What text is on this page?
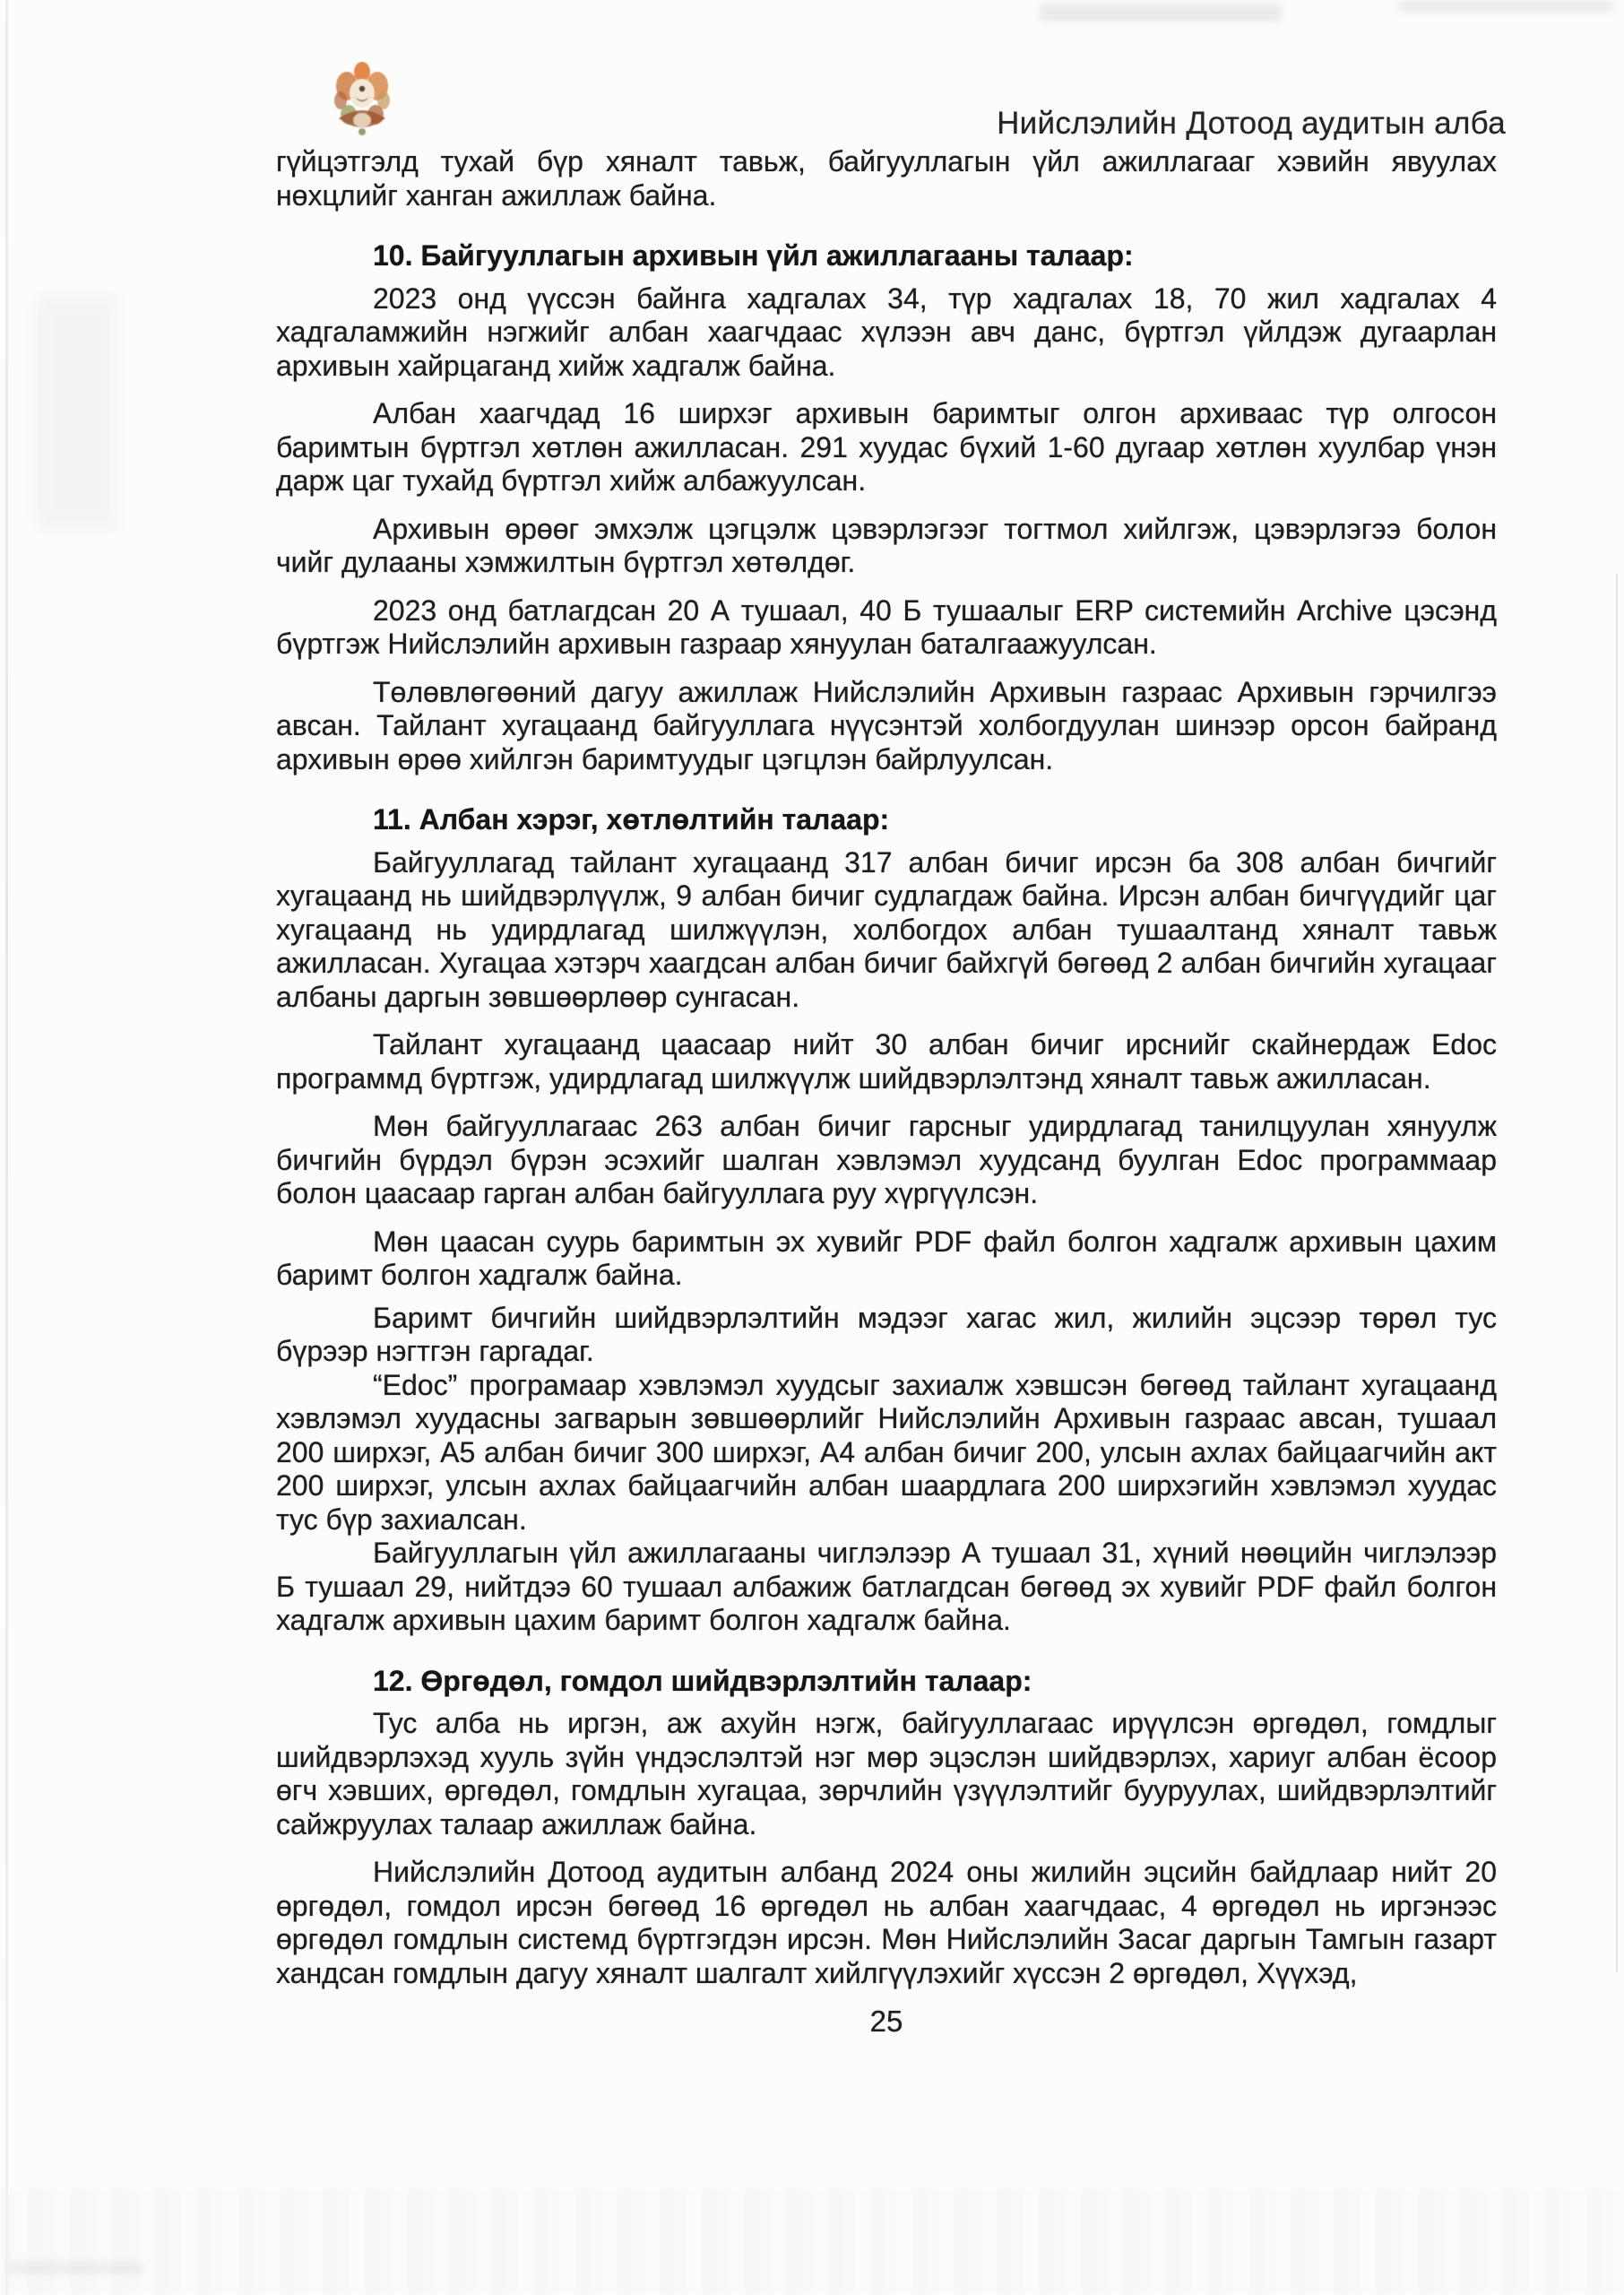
Нийслэлийн Дотоод аудитын алба

гүйцэтгэлд тухай бүр хяналт тавьж, байгууллагын үйл ажиллагааг хэвийн явуулах нөхцлийг ханган ажиллаж байна.

10. Байгууллагын архивын үйл ажиллагааны талаар:

2023 онд үүссэн байнга хадгалах 34, түр хадгалах 18, 70 жил хадгалах 4 хадгаламжийн нэгжийг албан хаагчдаас хүлээн авч данс, бүртгэл үйлдэж дугаарлан архивын хайрцаганд хийж хадгалж байна.

Албан хаагчдад 16 ширхэг архивын баримтыг олгон архиваас түр олгосон баримтын бүртгэл хөтлөн ажилласан. 291 хуудас бүхий 1-60 дугаар хөтлөн хуулбар үнэн дарж цаг тухайд бүртгэл хийж албажуулсан.

Архивын өрөөг эмхэлж цэгцэлж цэвэрлэгээг тогтмол хийлгэж, цэвэрлэгээ болон чийг дулааны хэмжилтын бүртгэл хөтөлдөг.

2023 онд батлагдсан 20 А тушаал, 40 Б тушаалыг ERP системийн Archive цэсэнд бүртгэж Нийслэлийн архивын газраар хянуулан баталгаажуулсан.

Төлөвлөгөөний дагуу ажиллаж Нийслэлийн Архивын газраас Архивын гэрчилгээ авсан. Тайлант хугацаанд байгууллага нүүсэнтэй холбогдуулан шинээр орсон байранд архивын өрөө хийлгэн баримтуудыг цэгцлэн байрлуулсан.

11. Албан хэрэг, хөтлөлтийн талаар:

Байгууллагад тайлант хугацаанд 317 албан бичиг ирсэн ба 308 албан бичгийг хугацаанд нь шийдвэрлүүлж, 9 албан бичиг судлагдаж байна. Ирсэн албан бичгүүдийг цаг хугацаанд нь удирдлагад шилжүүлэн, холбогдох албан тушаалтанд хяналт тавьж ажилласан. Хугацаа хэтэрч хаагдсан албан бичиг байхгүй бөгөөд 2 албан бичгийн хугацааг албаны даргын зөвшөөрлөөр сунгасан.

Тайлант хугацаанд цаасаар нийт 30 албан бичиг ирснийг скайнердаж Edoc программд бүртгэж, удирдлагад шилжүүлж шийдвэрлэлтэнд хяналт тавьж ажилласан.

Мөн байгууллагаас 263 албан бичиг гарсныг удирдлагад танилцуулан хянуулж бичгийн бүрдэл бүрэн эсэхийг шалган хэвлэмэл хуудсанд буулган Edoc программаар болон цаасаар гарган албан байгууллага руу хүргүүлсэн.

Мөн цаасан суурь баримтын эх хувийг PDF файл болгон хадгалж архивын цахим баримт болгон хадгалж байна.

Баримт бичгийн шийдвэрлэлтийн мэдээг хагас жил, жилийн эцсээр төрөл тус бүрээр нэгтгэн гаргадаг.

“Edoc” програмаар хэвлэмэл хуудсыг захиалж хэвшсэн бөгөөд тайлант хугацаанд хэвлэмэл хуудасны загварын зөвшөөрлийг Нийслэлийн Архивын газраас авсан, тушаал 200 ширхэг, А5 албан бичиг 300 ширхэг, А4 албан бичиг 200, улсын ахлах байцаагчийн акт 200 ширхэг, улсын ахлах байцаагчийн албан шаардлага 200 ширхэгийн хэвлэмэл хуудас тус бүр захиалсан.

Байгууллагын үйл ажиллагааны чиглэлээр А тушаал 31, хүний нөөцийн чиглэлээр Б тушаал 29, нийтдээ 60 тушаал албажиж батлагдсан бөгөөд эх хувийг PDF файл болгон хадгалж архивын цахим баримт болгон хадгалж байна.

12. Өргөдөл, гомдол шийдвэрлэлтийн талаар:

Тус алба нь иргэн, аж ахуйн нэгж, байгууллагаас ирүүлсэн өргөдөл, гомдлыг шийдвэрлэхэд хууль зүйн үндэслэлтэй нэг мөр эцэслэн шийдвэрлэх, хариуг албан ёсоор өгч хэвших, өргөдөл, гомдлын хугацаа, зөрчлийн үзүүлэлтийг бууруулах, шийдвэрлэлтийг сайжруулах талаар ажиллаж байна.

Нийслэлийн Дотоод аудитын албанд 2024 оны жилийн эцсийн байдлаар нийт 20 өргөдөл, гомдол ирсэн бөгөөд 16 өргөдөл нь албан хаагчдаас, 4 өргөдөл нь иргэнээс өргөдөл гомдлын системд бүртгэгдэн ирсэн. Мөн Нийслэлийн Засаг даргын Тамгын газарт хандсан гомдлын дагуу хяналт шалгалт хийлгүүлэхийг хүссэн 2 өргөдөл, Хүүхэд,

25
